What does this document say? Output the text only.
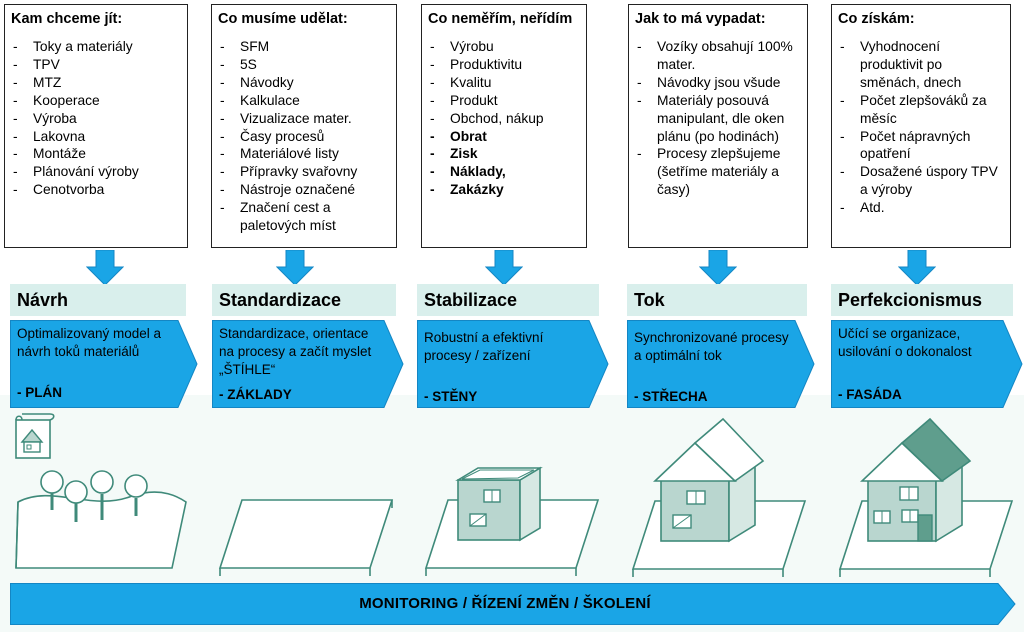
Kam chceme jít:
- Toky a materiály
- TPV
- MTZ
- Kooperace
- Výroba
- Lakovna
- Montáže
- Plánování výroby
- Cenotvorba
Co musíme udělat:
- SFM
- 5S
- Návodky
- Kalkulace
- Vizualizace mater.
- Časy procesů
- Materiálové listy
- Přípravky svařovny
- Nástroje označené
- Značení cest a paletových míst
Co neměřím, neřídím
- Výrobu
- Produktivitu
- Kvalitu
- Produkt
- Obchod, nákup
- Obrat
- Zisk
- Náklady,
- Zakázky
Jak to má vypadat:
- Vozíky obsahují 100% mater.
- Návodky jsou všude
- Materiály posouvá manipulant, dle oken plánu (po hodinách)
- Procesy zlepšujeme (šetříme materiály a časy)
Co získám:
- Vyhodnocení produktivit po směnách, dnech
- Počet zlepšováků za měsíc
- Počet nápravných opatření
- Dosažené úspory TPV a výroby
- Atd.
Návrh	Standardizace	Stabilizace	Tok	Perfekcionismus
Optimalizovaný model a návrh toků materiálů
- PLÁN
Standardizace, orientace na procesy a začít myslet „ŠTÍHLE“
- ZÁKLADY
Robustní a efektivní procesy / zařízení
- STĚNY
Synchronizované procesy a optimální tok
- STŘECHA
Učící se organizace, usilování o dokonalost
- FASÁDA
MONITORING / ŘÍZENÍ ZMĚN / ŠKOLENÍ
